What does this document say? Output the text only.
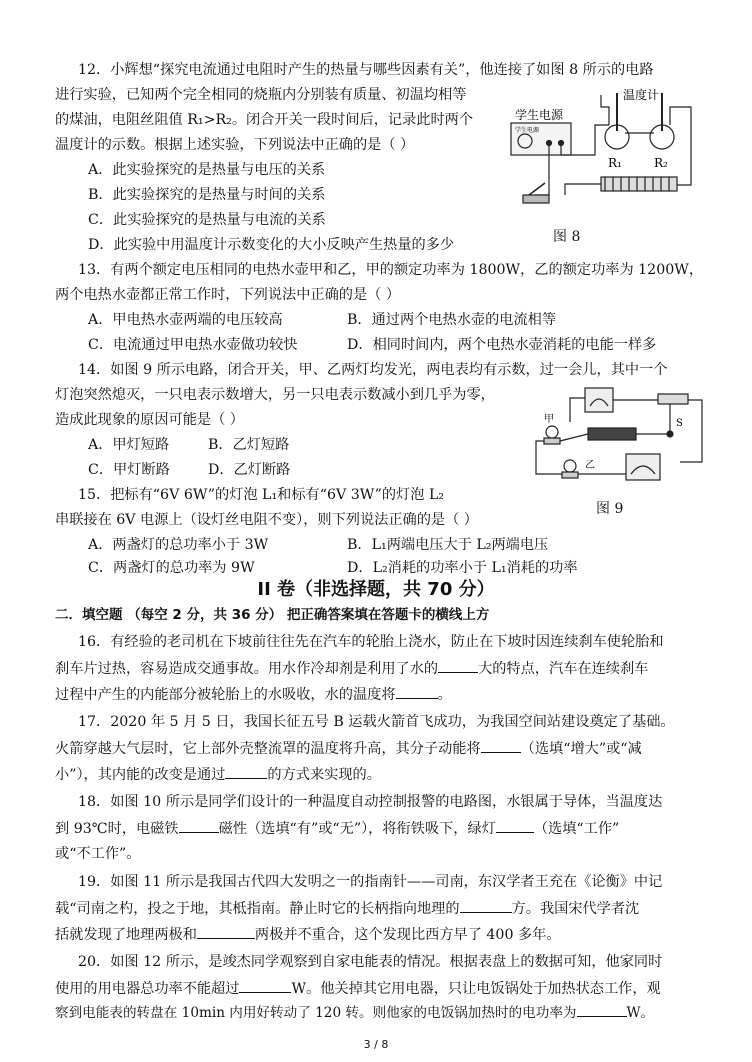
12．小辉想“探究电流通过电阻时产生的热量与哪些因素有关”，他连接了如图 8 所示的电路
进行实验，已知两个完全相同的烧瓶内分别装有质量、初温均相等
的煤油，电阻丝阻值 R₁>R₂。闭合开关一段时间后，记录此时两个
温度计的示数。根据上述实验，下列说法中正确的是（ ）
A．此实验探究的是热量与电压的关系
B．此实验探究的是热量与时间的关系
C．此实验探究的是热量与电流的关系
D．此实验中用温度计示数变化的大小反映产生热量的多少
学生电源
学生电源
温度计
R₁	R₂
图 8
13．有两个额定电压相同的电热水壶甲和乙，甲的额定功率为 1800W，乙的额定功率为 1200W，
两个电热水壶都正常工作时，下列说法中正确的是（ ）
A．甲电热水壶两端的电压较高	B．通过两个电热水壶的电流相等
C．电流通过甲电热水壶做功较快	D．相同时间内，两个电热水壶消耗的电能一样多
14．如图 9 所示电路，闭合开关，甲、乙两灯均发光，两电表均有示数，过一会儿，其中一个
灯泡突然熄灭，一只电表示数增大，另一只电表示数减小到几乎为零，
造成此现象的原因可能是（ ）
A．甲灯短路	B．乙灯短路
C．甲灯断路	D．乙灯断路
甲
乙
S
图 9
15．把标有“6V 6W”的灯泡 L₁和标有“6V 3W”的灯泡 L₂
串联接在 6V 电源上（设灯丝电阻不变），则下列说法正确的是（ ）
A．两盏灯的总功率小于 3W	B．L₁两端电压大于 L₂两端电压
C．两盏灯的总功率为 9W	D．L₂消耗的功率小于 L₁消耗的功率
II 卷（非选择题，共 70 分）
二．填空题 （每空 2 分，共 36 分） 把正确答案填在答题卡的横线上方
16．有经验的老司机在下坡前往往先在汽车的轮胎上浇水，防止在下坡时因连续刹车使轮胎和
刹车片过热，容易造成交通事故。用水作冷却剂是利用了水的	大的特点，汽车在连续刹车
过程中产生的内能部分被轮胎上的水吸收，水的温度将	。
17．2020 年 5 月 5 日，我国长征五号 B 运载火箭首飞成功，为我国空间站建设奠定了基础。
火箭穿越大气层时，它上部外壳整流罩的温度将升高，其分子动能将	（选填“增大”或“减
小”），其内能的改变是通过	的方式来实现的。
18．如图 10 所示是同学们设计的一种温度自动控制报警的电路图，水银属于导体，当温度达
到 93℃时，电磁铁	磁性（选填“有”或“无”），将衔铁吸下，绿灯	（选填“工作”
或“不工作”。
19．如图 11 所示是我国古代四大发明之一的指南针——司南，东汉学者王充在《论衡》中记
载“司南之杓，投之于地，其柢指南。静止时它的长柄指向地理的	方。我国宋代学者沈
括就发现了地理两极和	两极并不重合，这个发现比西方早了 400 多年。
20．如图 12 所示，是竣杰同学观察到自家电能表的情况。根据表盘上的数据可知，他家同时
使用的用电器总功率不能超过	W。他关掉其它用电器，只让电饭锅处于加热状态工作，观
察到电能表的转盘在 10min 内用好转动了 120 转。则他家的电饭锅加热时的电功率为	W。
3 / 8
